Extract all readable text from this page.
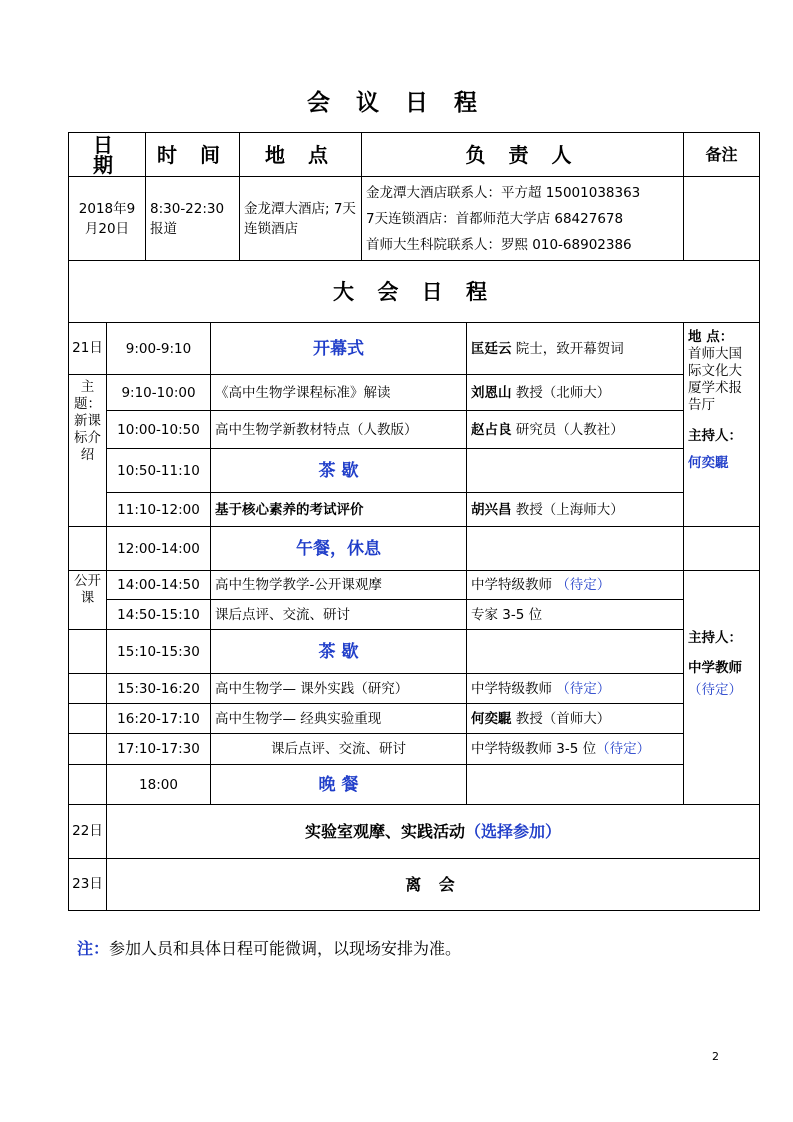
会 议 日 程
日 期	时 间	地 点	负 责 人	备注
2018年9月20日	8:30-22:30 报道	金龙潭大酒店; 7天连锁酒店	金龙潭大酒店联系人：平方超 15001038363
7天连锁酒店：首都师范大学店 68427678
首师大生科院联系人：罗熙 010-68902386	

大 会 日 程					
21日	9:00-9:10	开幕式	匡廷云 院士，致开幕贺词	地 点：
首师大国际文化大厦学术报告厅
主持人：
何奕騉	

主题：新课标介绍	9:10-10:00	《高中生物学课程标准》解读	刘恩山 教授（北师大）		
	10:00-10:50	高中生物学新教材特点（人教版）	赵占良 研究员（人教社）		
	10:50-11:10	茶 歇			
	11:10-12:00	基于核心素养的考试评价	胡兴昌 教授（上海师大）		
	12:00-14:00	午餐，休息			
公开课	14:00-14:50	高中生物学教学-公开课观摩	中学特级教师 （待定）	主持人：
中学教师（待定）	

	14:50-15:10	课后点评、交流、研讨	专家 3-5 位		
	15:10-15:30	茶 歇			
	15:30-16:20	高中生物学— 课外实践（研究）	中学特级教师 （待定）		
	16:20-17:10	高中生物学— 经典实验重现	何奕騉 教授（首师大）		
	17:10-17:30	课后点评、交流、研讨	中学特级教师 3-5 位（待定）		
	18:00	晚 餐			
22日	实验室观摩、实践活动（选择参加）				
23日	离 会				
注：参加人员和具体日程可能微调，以现场安排为准。
2
